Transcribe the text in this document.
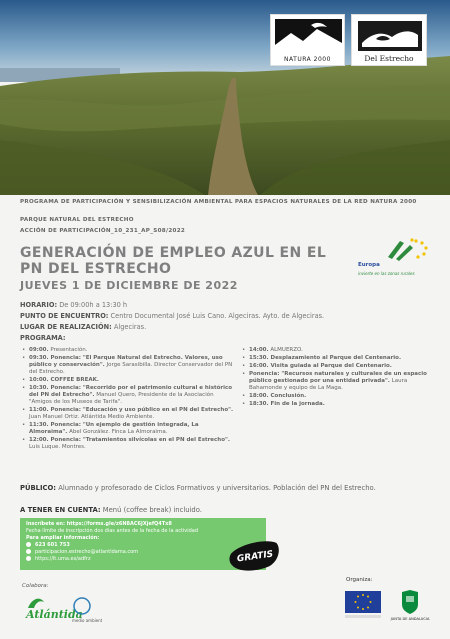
NATURA 2000	Del Estrecho
PROGRAMA DE PARTICIPACIÓN Y SENSIBILIZACIÓN AMBIENTAL PARA ESPACIOS NATURALES DE LA RED NATURA 2000
PARQUE NATURAL DEL ESTRECHO
ACCIÓN DE PARTICIPACIÓN_10_231_AP_S08/2022
GENERACIÓN DE EMPLEO AZUL EN EL PN DEL ESTRECHO
JUEVES 1 DE DICIEMBRE DE 2022
Europa
invierte en las zonas rurales
HORARIO: De 09:00h a 13:30 h
PUNTO DE ENCUENTRO: Centro Documental José Luis Cano. Algeciras. Ayto. de Algeciras.
LUGAR DE REALIZACIÓN: Algeciras.
PROGRAMA:
• 09:00. Presentación.
• 09:30. Ponencia: "El Parque Natural del Estrecho. Valores, uso público y conservación". Jorge Sarasibilla. Director Conservador del PN del Estrecho.
• 10:00. COFFEE BREAK.
• 10:30. Ponencia: "Recorrido por el patrimonio cultural e histórico del PN del Estrecho". Manuel Quero, Presidente de la Asociación "Amigos de los Museos de Tarifa".
• 11:00. Ponencia: "Educación y uso público en el PN del Estrecho". Juan Manuel Ortiz. Atlántida Medio Ambiente.
• 11:30. Ponencia: "Un ejemplo de gestión integrada, La Almoraima". Abel González. Finca La Almoraima.
• 12:00. Ponencia: "Tratamientos silvícolas en el PN del Estrecho". Luis Luque. Montres.
• 14:00. ALMUERZO.
• 15:30. Desplazamiento al Parque del Centenario.
• 16:00. Visita guiada al Parque del Centenario.
• Ponencia: "Recursos naturales y culturales de un espacio público gestionado por una entidad privada". Laura Bahamonde y equipo de La Maga.
• 18:00. Conclusión.
• 18:30. Fin de la jornada.
PÚBLICO: Alumnado y profesorado de Ciclos Formativos y universitarios. Población del PN del Estrecho.
A TENER EN CUENTA: Menú (coffee break) incluido.
Inscríbete en: https://forms.gle/z6N8AC6JXjefQ4Tx8
Fecha límite de inscripción dos días antes de la fecha de la actividad
Para ampliar información:
623 601 753
participacion.estrecho@atlantidama.com
https://lt.uma.es/adfrz	GRATIS
Colabora:
Organiza:
Atlántida
medio ambiente	JUNTA DE ANDALUCIA
